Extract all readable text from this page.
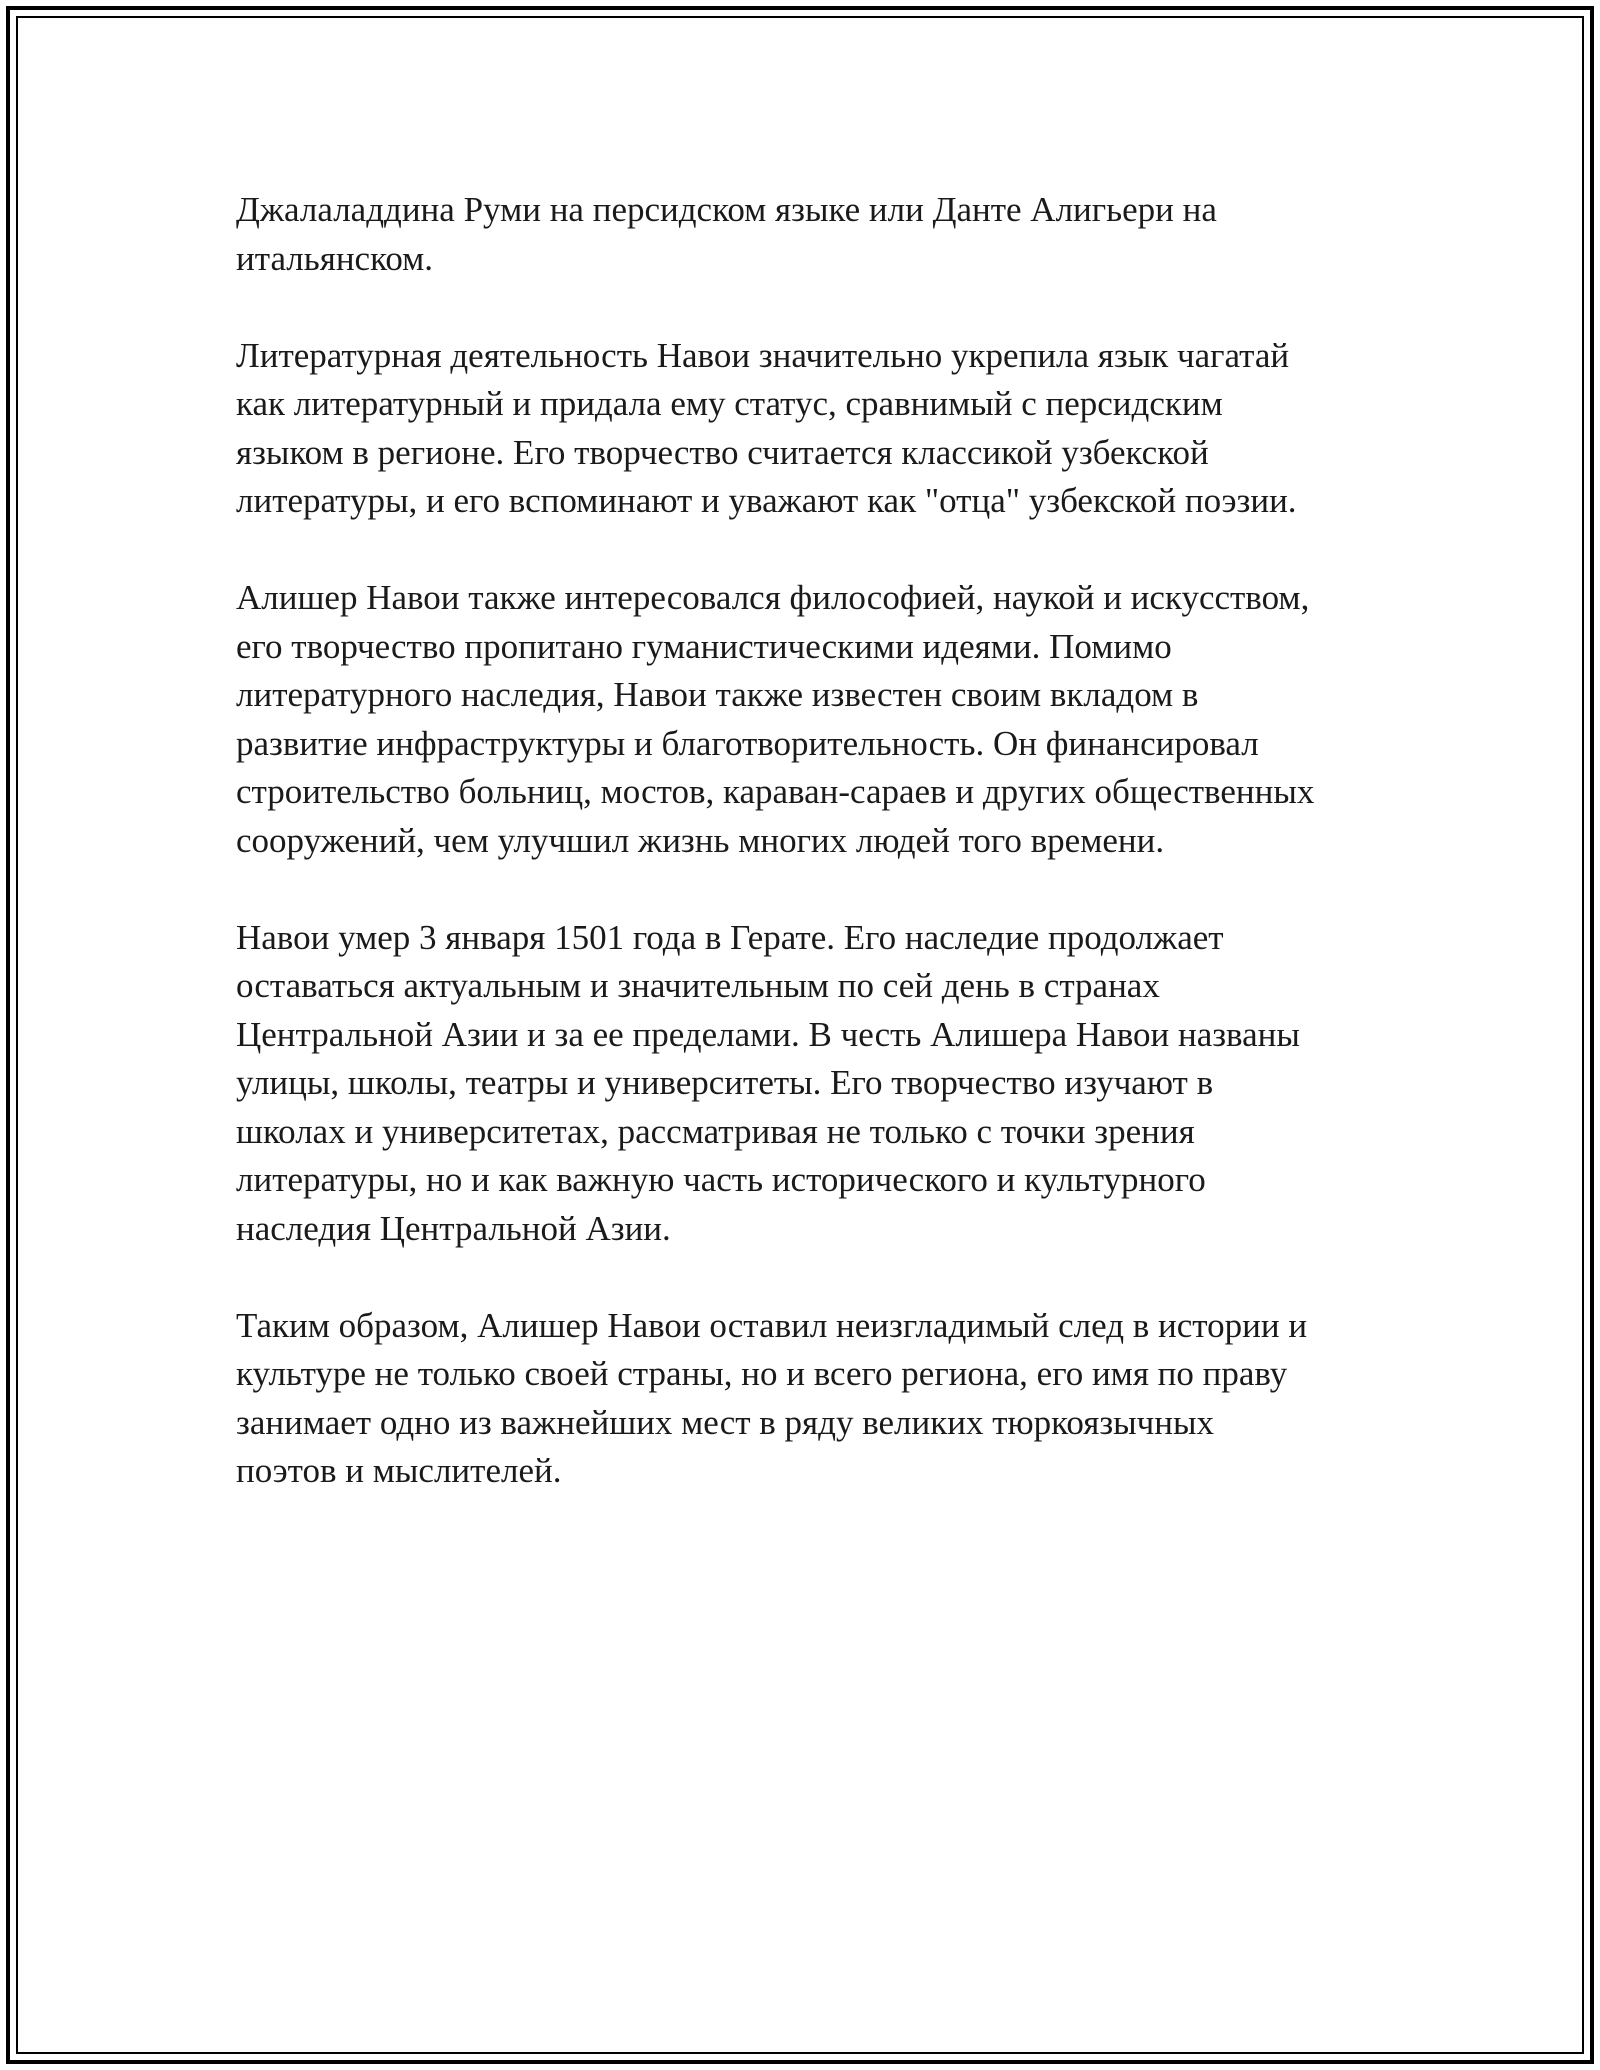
Джалаладдина Руми на персидском языке или Данте Алигьери на
итальянском.

Литературная деятельность Навои значительно укрепила язык чагатай
как литературный и придала ему статус, сравнимый с персидским
языком в регионе. Его творчество считается классикой узбекской
литературы, и его вспоминают и уважают как "отца" узбекской поэзии.

Алишер Навои также интересовался философией, наукой и искусством,
его творчество пропитано гуманистическими идеями. Помимо
литературного наследия, Навои также известен своим вкладом в
развитие инфраструктуры и благотворительность. Он финансировал
строительство больниц, мостов, караван-сараев и других общественных
сооружений, чем улучшил жизнь многих людей того времени.

Навои умер 3 января 1501 года в Герате. Его наследие продолжает
оставаться актуальным и значительным по сей день в странах
Центральной Азии и за ее пределами. В честь Алишера Навои названы
улицы, школы, театры и университеты. Его творчество изучают в
школах и университетах, рассматривая не только с точки зрения
литературы, но и как важную часть исторического и культурного
наследия Центральной Азии.

Таким образом, Алишер Навои оставил неизгладимый след в истории и
культуре не только своей страны, но и всего региона, его имя по праву
занимает одно из важнейших мест в ряду великих тюркоязычных
поэтов и мыслителей.
